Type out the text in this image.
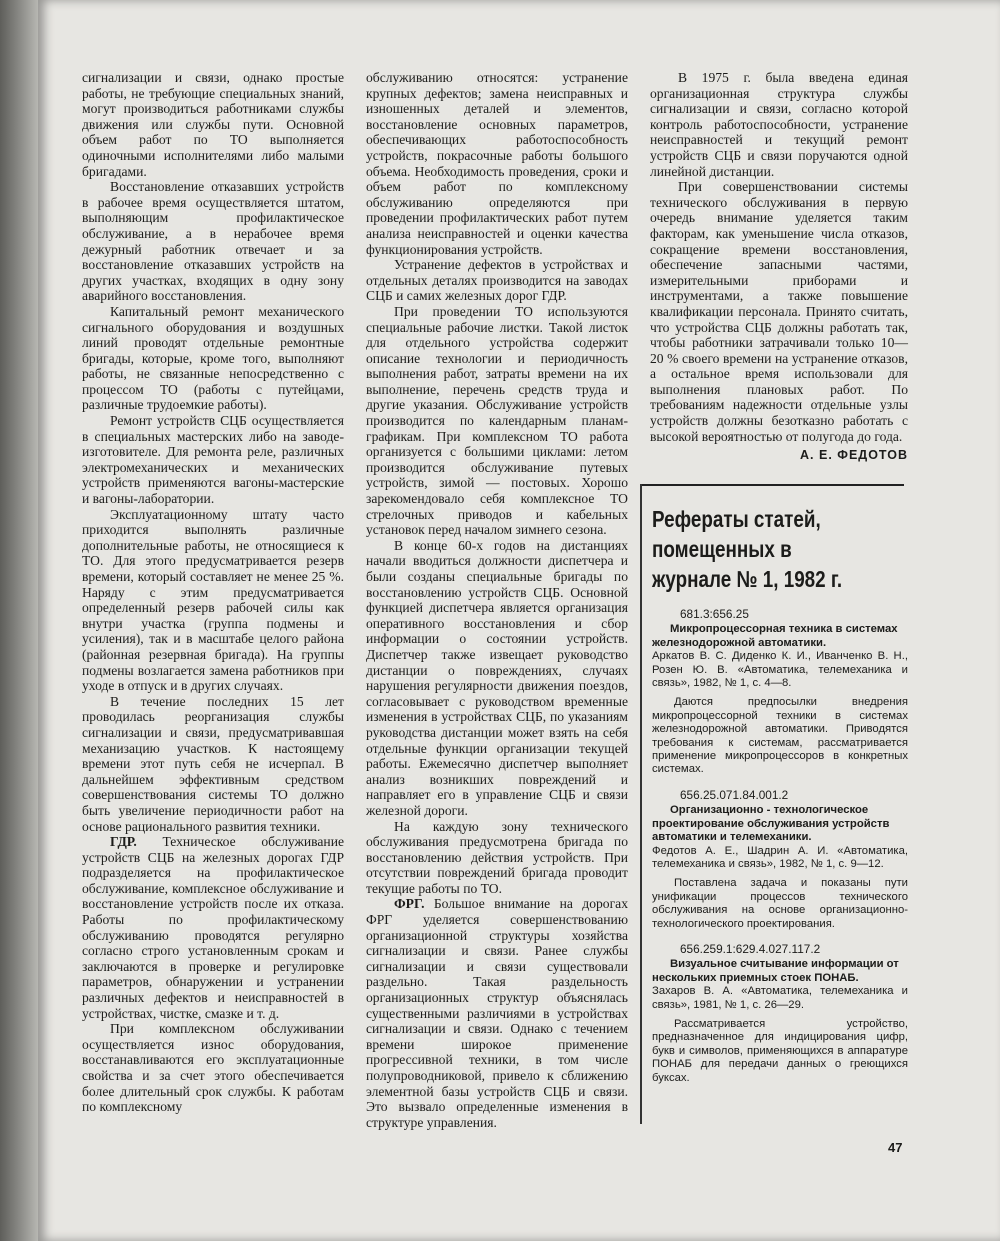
сигнализации и связи, однако простые работы, не требующие специальных знаний, могут производиться работниками службы движения или службы пути. Основной объем работ по ТО выполняется одиночными исполнителями либо малыми бригадами.

Восстановление отказавших устройств в рабочее время осуществляется штатом, выполняющим профилактическое обслуживание, а в нерабочее время дежурный работник отвечает и за восстановление отказавших устройств на других участках, входящих в одну зону аварийного восстановления.

Капитальный ремонт механического сигнального оборудования и воздушных линий проводят отдельные ремонтные бригады, которые, кроме того, выполняют работы, не связанные непосредственно с процессом ТО (работы с путейцами, различные трудоемкие работы).

Ремонт устройств СЦБ осуществляется в специальных мастерских либо на заводе-изготовителе. Для ремонта реле, различных электромеханических и механических устройств применяются вагоны-мастерские и вагоны-лаборатории.

Эксплуатационному штату часто приходится выполнять различные дополнительные работы, не относящиеся к ТО. Для этого предусматривается резерв времени, который составляет не менее 25 %. Наряду с этим предусматривается определенный резерв рабочей силы как внутри участка (группа подмены и усиления), так и в масштабе целого района (районная резервная бригада). На группы подмены возлагается замена работников при уходе в отпуск и в других случаях.

В течение последних 15 лет проводилась реорганизация службы сигнализации и связи, предусматривавшая механизацию участков. К настоящему времени этот путь себя не исчерпал. В дальнейшем эффективным средством совершенствования системы ТО должно быть увеличение периодичности работ на основе рационального развития техники.

ГДР. Техническое обслуживание устройств СЦБ на железных дорогах ГДР подразделяется на профилактическое обслуживание, комплексное обслуживание и восстановление устройств после их отказа. Работы по профилактическому обслуживанию проводятся регулярно согласно строго установленным срокам и заключаются в проверке и регулировке параметров, обнаружении и устранении различных дефектов и неисправностей в устройствах, чистке, смазке и т. д.

При комплексном обслуживании осуществляется износ оборудования, восстанавливаются его эксплуатационные свойства и за счет этого обеспечивается более длительный срок службы. К работам по комплексному

обслуживанию относятся: устранение крупных дефектов; замена неисправных и изношенных деталей и элементов, восстановление основных параметров, обеспечивающих работоспособность устройств, покрасочные работы большого объема. Необходимость проведения, сроки и объем работ по комплексному обслуживанию определяются при проведении профилактических работ путем анализа неисправностей и оценки качества функционирования устройств.

Устранение дефектов в устройствах и отдельных деталях производится на заводах СЦБ и самих железных дорог ГДР.

При проведении ТО используются специальные рабочие листки. Такой листок для отдельного устройства содержит описание технологии и периодичность выполнения работ, затраты времени на их выполнение, перечень средств труда и другие указания. Обслуживание устройств производится по календарным планам-графикам. При комплексном ТО работа организуется с большими циклами: летом производится обслуживание путевых устройств, зимой — постовых. Хорошо зарекомендовало себя комплексное ТО стрелочных приводов и кабельных установок перед началом зимнего сезона.

В конце 60-х годов на дистанциях начали вводиться должности диспетчера и были созданы специальные бригады по восстановлению устройств СЦБ. Основной функцией диспетчера является организация оперативного восстановления и сбор информации о состоянии устройств. Диспетчер также извещает руководство дистанции о повреждениях, случаях нарушения регулярности движения поездов, согласовывает с руководством временные изменения в устройствах СЦБ, по указаниям руководства дистанции может взять на себя отдельные функции организации текущей работы. Ежемесячно диспетчер выполняет анализ возникших повреждений и направляет его в управление СЦБ и связи железной дороги.

На каждую зону технического обслуживания предусмотрена бригада по восстановлению действия устройств. При отсутствии повреждений бригада проводит текущие работы по ТО.

ФРГ. Большое внимание на дорогах ФРГ уделяется совершенствованию организационной структуры хозяйства сигнализации и связи. Ранее службы сигнализации и связи существовали раздельно. Такая раздельность организационных структур объяснялась существенными различиями в устройствах сигнализации и связи. Однако с течением времени широкое применение прогрессивной техники, в том числе полупроводниковой, привело к сближению элементной базы устройств СЦБ и связи. Это вызвало определенные изменения в структуре управления.

В 1975 г. была введена единая организационная структура службы сигнализации и связи, согласно которой контроль работоспособности, устранение неисправностей и текущий ремонт устройств СЦБ и связи поручаются одной линейной дистанции.

При совершенствовании системы технического обслуживания в первую очередь внимание уделяется таким факторам, как уменьшение числа отказов, сокращение времени восстановления, обеспечение запасными частями, измерительными приборами и инструментами, а также повышение квалификации персонала. Принято считать, что устройства СЦБ должны работать так, чтобы работники затрачивали только 10—20 % своего времени на устранение отказов, а остальное время использовали для выполнения плановых работ. По требованиям надежности отдельные узлы устройств должны безотказно работать с высокой вероятностью от полугода до года.

А. Е. ФЕДОТОВ
Рефераты статей, помещенных в журнале № 1, 1982 г.
681.3:656.25
Микропроцессорная техника в системах железнодорожной автоматики.
Аркатов В. С. Диденко К. И., Иванченко В. Н., Розен Ю. В. «Автоматика, телемеханика и связь», 1982, № 1, с. 4—8.
Даются предпосылки внедрения микропроцессорной техники в системах железнодорожной автоматики. Приводятся требования к системам, рассматривается применение микропроцессоров в конкретных системах.
656.25.071.84.001.2
Организационно - технологическое проектирование обслуживания устройств автоматики и телемеханики.
Федотов А. Е., Шадрин А. И. «Автоматика, телемеханика и связь», 1982, № 1, с. 9—12.
Поставлена задача и показаны пути унификации процессов технического обслуживания на основе организационно-технологического проектирования.
656.259.1:629.4.027.117.2
Визуальное считывание информации от нескольких приемных стоек ПОНАБ.
Захаров В. А. «Автоматика, телемеханика и связь», 1981, № 1, с. 26—29.
Рассматривается устройство, предназначенное для индицирования цифр, букв и символов, применяющихся в аппаратуре ПОНАБ для передачи данных о греющихся буксах.
47
